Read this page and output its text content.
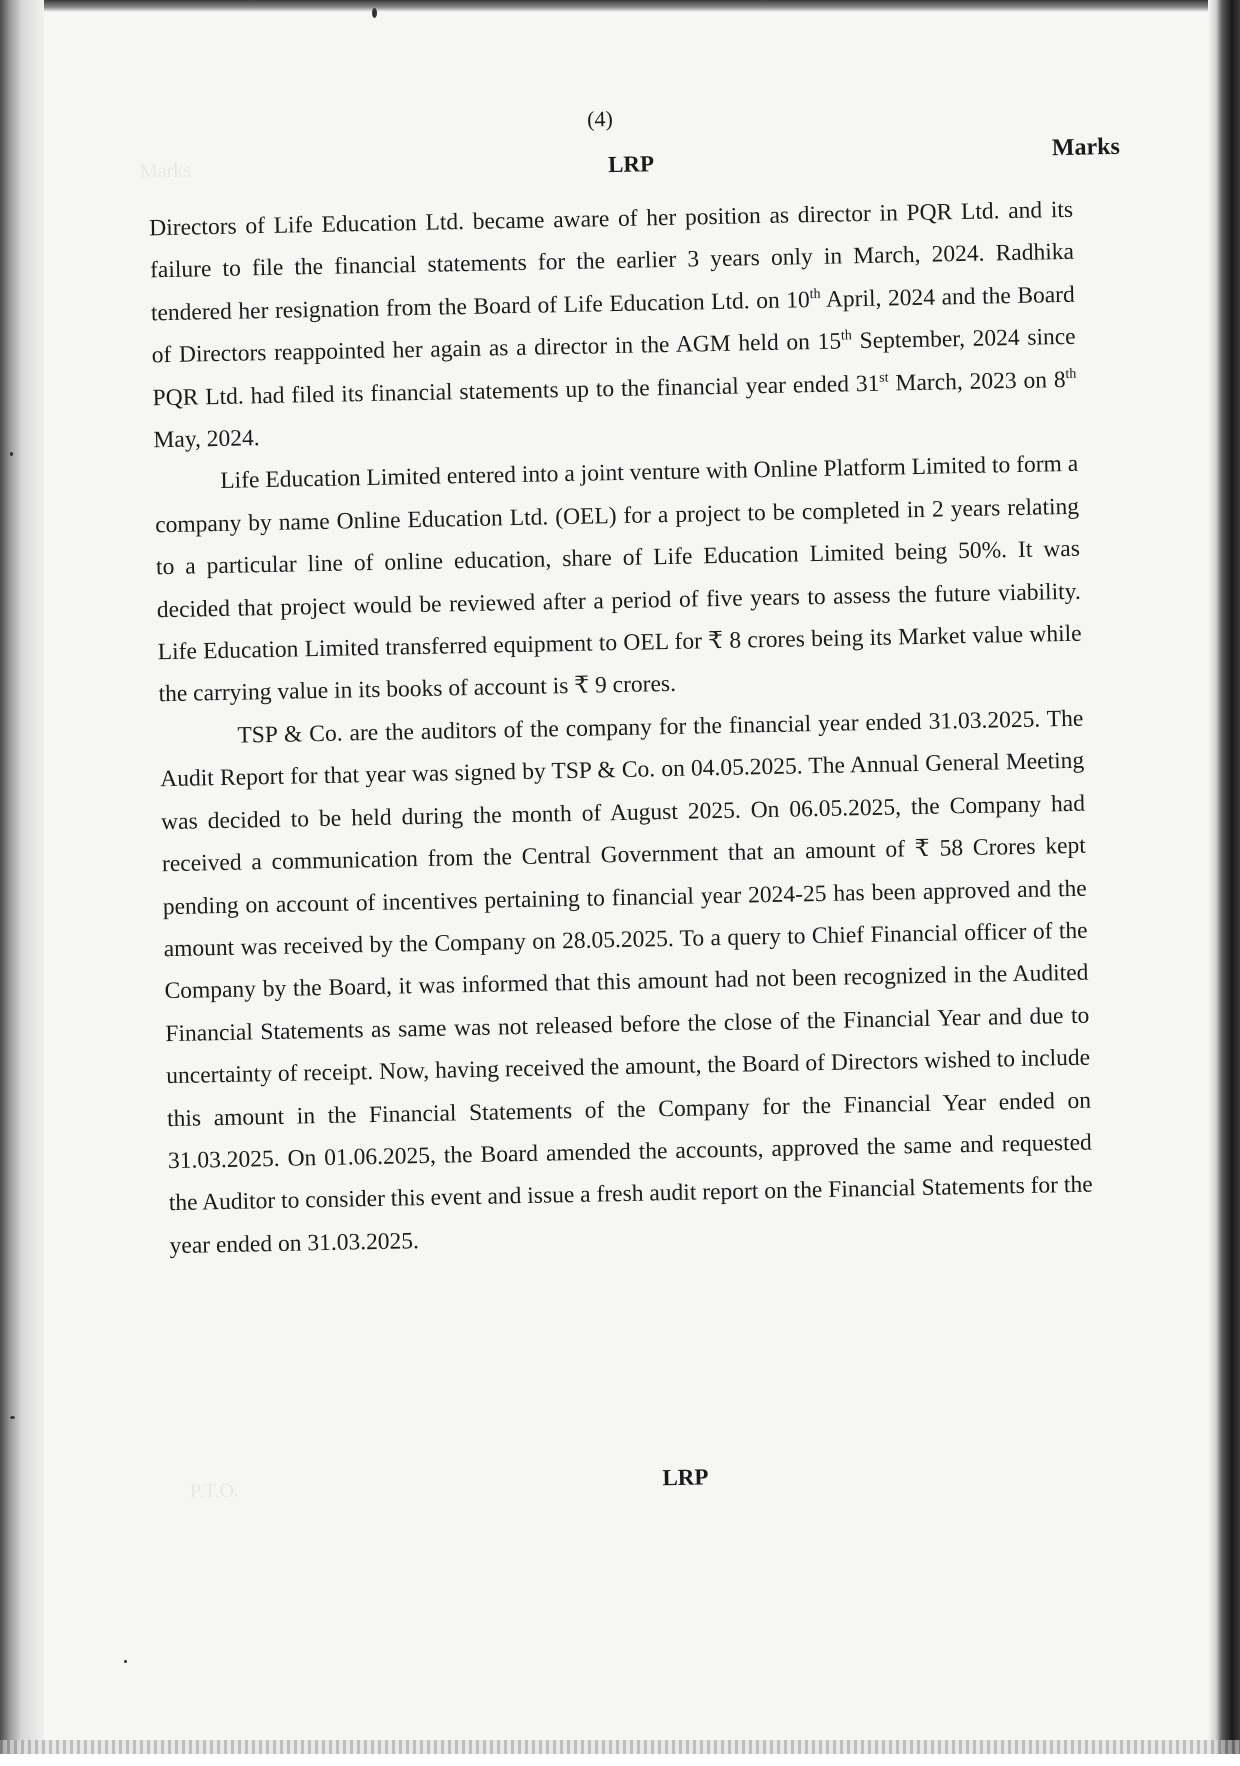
Marks
P.T.O.
(4)
LRP
Marks

Directors of Life Education Ltd. became aware of her position as director in PQR Ltd. and its failure to file the financial statements for the earlier 3 years only in March, 2024. Radhika tendered her resignation from the Board of Life Education Ltd. on 10th April, 2024 and the Board of Directors reappointed her again as a director in the AGM held on 15th September, 2024 since PQR Ltd. had filed its financial statements up to the financial year ended 31st March, 2023 on 8th May, 2024.

Life Education Limited entered into a joint venture with Online Platform Limited to form a company by name Online Education Ltd. (OEL) for a project to be completed in 2 years relating to a particular line of online education, share of Life Education Limited being 50%. It was decided that project would be reviewed after a period of five years to assess the future viability. Life Education Limited transferred equipment to OEL for ₹ 8 crores being its Market value while the carrying value in its books of account is ₹ 9 crores.

TSP & Co. are the auditors of the company for the financial year ended 31.03.2025. The Audit Report for that year was signed by TSP & Co. on 04.05.2025. The Annual General Meeting was decided to be held during the month of August 2025. On 06.05.2025, the Company had received a communication from the Central Government that an amount of ₹ 58 Crores kept pending on account of incentives pertaining to financial year 2024-25 has been approved and the amount was received by the Company on 28.05.2025. To a query to Chief Financial officer of the Company by the Board, it was informed that this amount had not been recognized in the Audited Financial Statements as same was not released before the close of the Financial Year and due to uncertainty of receipt. Now, having received the amount, the Board of Directors wished to include this amount in the Financial Statements of the Company for the Financial Year ended on 31.03.2025. On 01.06.2025, the Board amended the accounts, approved the same and requested the Auditor to consider this event and issue a fresh audit report on the Financial Statements for the year ended on 31.03.2025.

LRP
